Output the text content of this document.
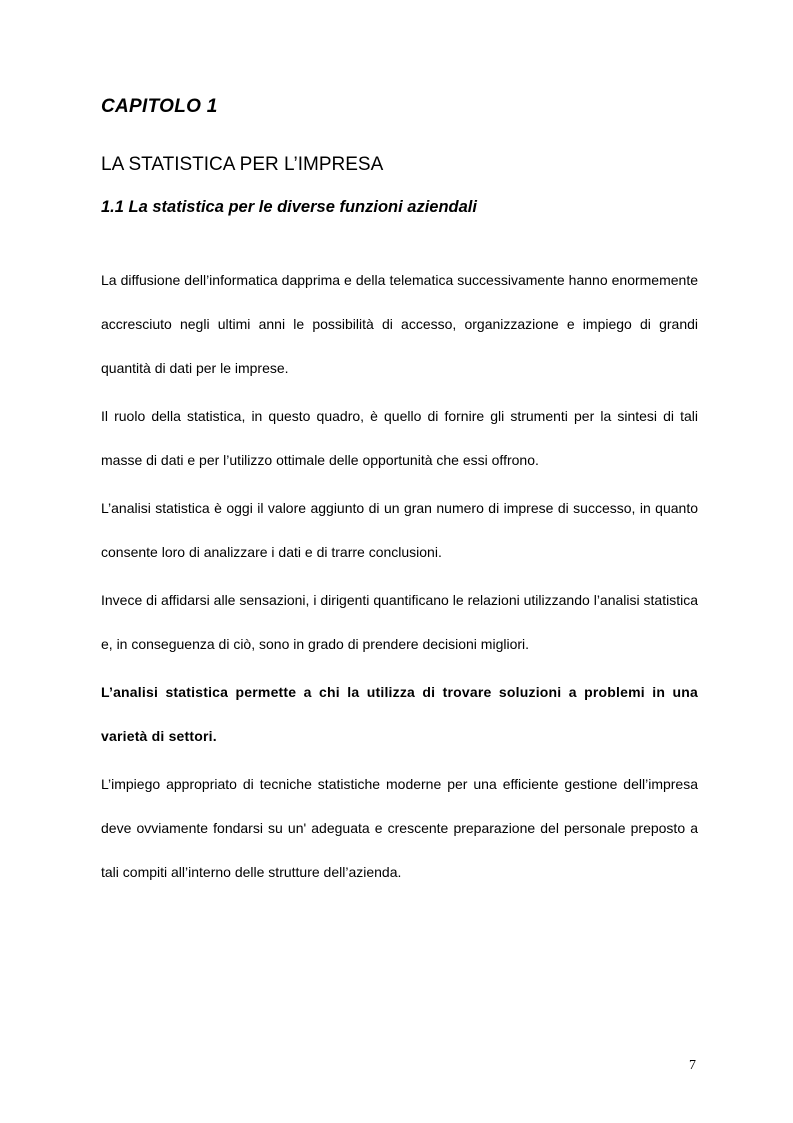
CAPITOLO 1
LA STATISTICA PER L’IMPRESA
1.1 La statistica per le diverse funzioni aziendali

La diffusione dell’informatica dapprima e della telematica successivamente hanno enormemente accresciuto negli ultimi anni le possibilità di accesso, organizzazione e impiego di grandi quantità di dati per le imprese.

Il ruolo della statistica, in questo quadro, è quello di fornire gli strumenti per la sintesi di tali masse di dati e per l’utilizzo ottimale delle opportunità che essi offrono.

L’analisi statistica è oggi il valore aggiunto di un gran numero di imprese di successo, in quanto consente loro di analizzare i dati e di trarre conclusioni.

Invece di affidarsi alle sensazioni, i dirigenti quantificano le relazioni utilizzando l’analisi statistica e, in conseguenza di ciò, sono in grado di prendere decisioni migliori.

L’analisi statistica permette a chi la utilizza di trovare soluzioni a problemi in una varietà di settori.

L’impiego appropriato di tecniche statistiche moderne per una efficiente gestione dell’impresa deve ovviamente fondarsi su un' adeguata e crescente preparazione del personale preposto a tali compiti all’interno delle strutture dell’azienda.

7
